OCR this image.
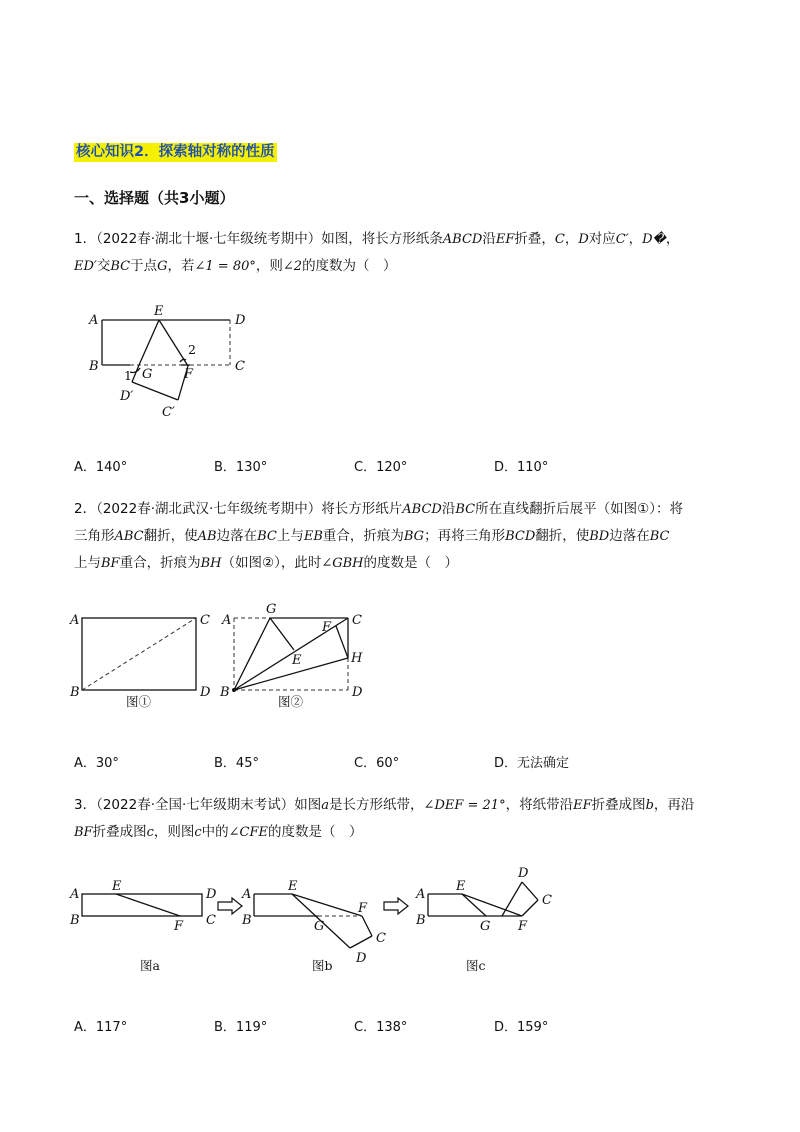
核心知识2．探索轴对称的性质
一、选择题（共3小题）
1．（2022春·湖北十堰·七年级统考期中）如图，将长方形纸条ABCD沿EF折叠，C，D对应C′，D�，
ED′交BC于点G，若∠1 = 80°，则∠2的度数为（　）
A
B	C
D
E
F
G
1
2
D′
C′
A．140°	B．130°	C．120°	D．110°
2．（2022春·湖北武汉·七年级统考期中）将长方形纸片ABCD沿BC所在直线翻折后展平（如图①）：将
三角形ABC翻折，使AB边落在BC上与EB重合，折痕为BG；再将三角形BCD翻折，使BD边落在BC
上与BF重合，折痕为BH（如图②），此时∠GBH的度数是（　）
A
B
C
D
图①
A
B
C
D
E
F
G
H
图②
A．30°	B．45°	C．60°	D．无法确定
3．（2022春·全国·七年级期末考试）如图a是长方形纸带，∠DEF = 21°，将纸带沿EF折叠成图b，再沿
BF折叠成图c，则图c中的∠CFE的度数是（　）
A
B	C
D
E
F
图a
A
B
C
D
E
F
G
图b
A
B
C
D
E
F
G
图c
A．117°	B．119°	C．138°	D．159°
